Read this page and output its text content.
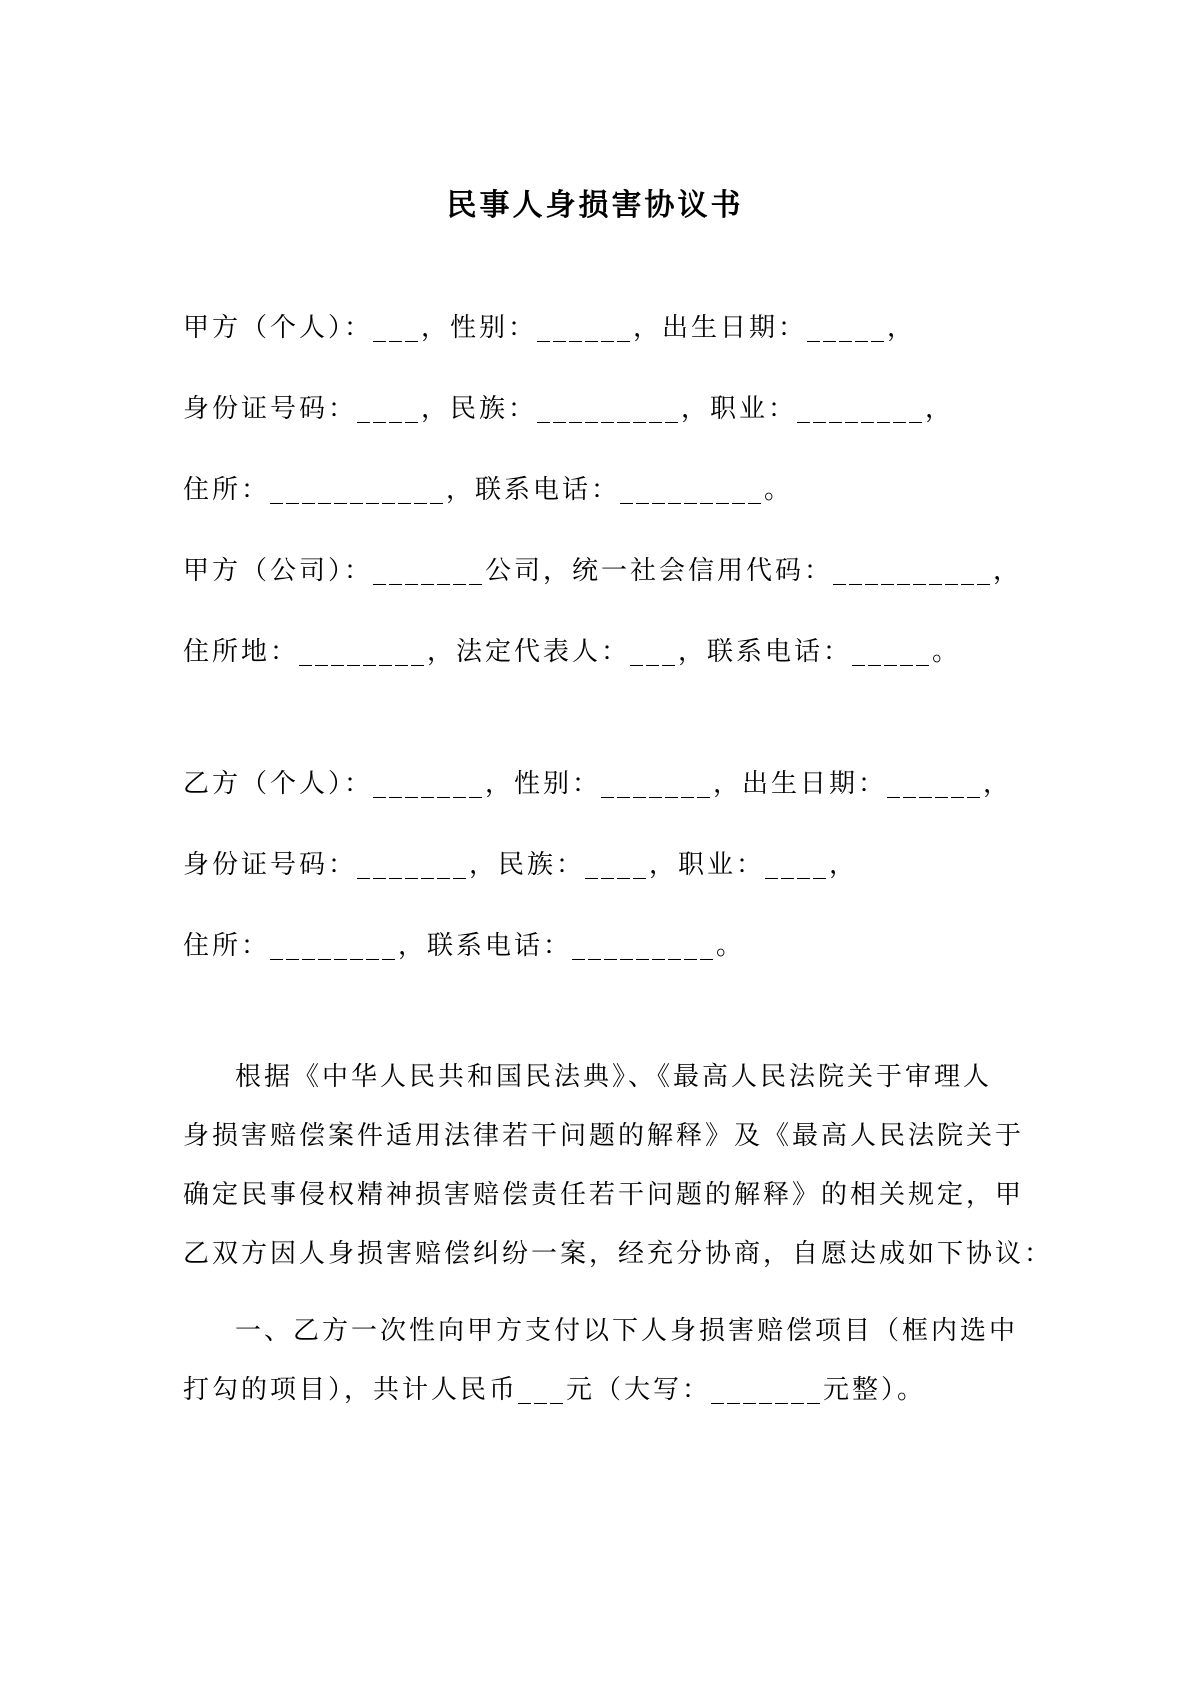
民事人身损害协议书
甲方（个人）：___，性别：______，出生日期：_____，
身份证号码：____，民族：_________，职业：________，
住所：___________，联系电话：_________。
甲方（公司）：_______公司，统一社会信用代码：__________，
住所地：________，法定代表人：___，联系电话：_____。
乙方（个人）：_______，性别：_______，出生日期：______，
身份证号码：_______，民族：____，职业：____，
住所：________，联系电话：_________。
根据《中华人民共和国民法典》、《最高人民法院关于审理人
身损害赔偿案件适用法律若干问题的解释》及《最高人民法院关于
确定民事侵权精神损害赔偿责任若干问题的解释》的相关规定，甲
乙双方因人身损害赔偿纠纷一案，经充分协商，自愿达成如下协议：
一、乙方一次性向甲方支付以下人身损害赔偿项目（框内选中
打勾的项目），共计人民币___元（大写：_______元整）。
